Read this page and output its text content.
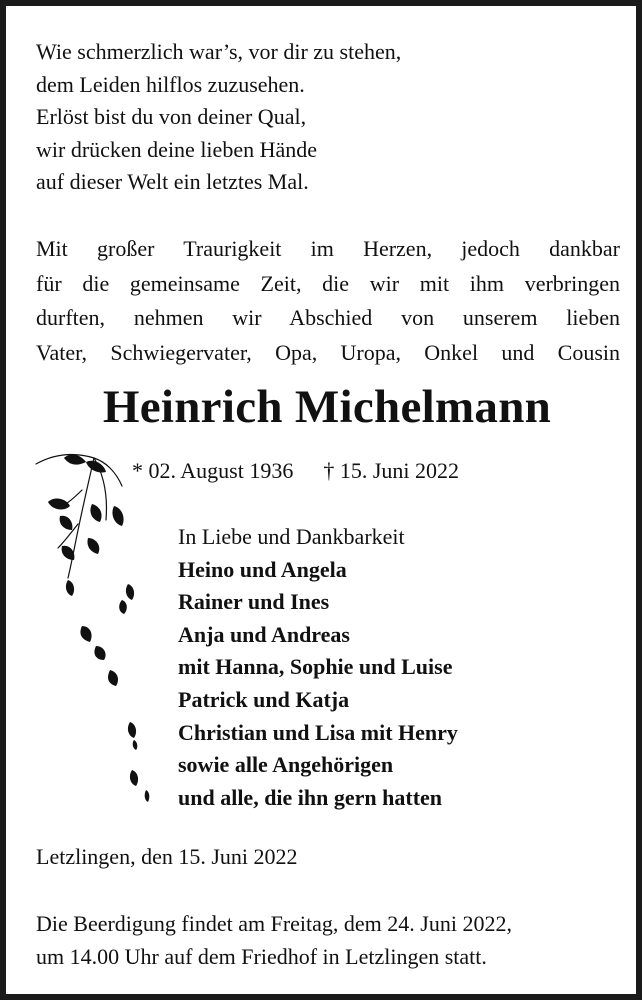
Wie schmerzlich war’s, vor dir zu stehen,
dem Leiden hilflos zuzusehen.
Erlöst bist du von deiner Qual,
wir drücken deine lieben Hände
auf dieser Welt ein letztes Mal.
Mit großer Traurigkeit im Herzen, jedoch dankbar
für die gemeinsame Zeit, die wir mit ihm verbringen
durften, nehmen wir Abschied von unserem lieben
Vater, Schwiegervater, Opa, Uropa, Onkel und Cousin
Heinrich Michelmann
* 02. August 1936 † 15. Juni 2022
In Liebe und Dankbarkeit
Heino und Angela
Rainer und Ines
Anja und Andreas
mit Hanna, Sophie und Luise
Patrick und Katja
Christian und Lisa mit Henry
sowie alle Angehörigen
und alle, die ihn gern hatten
Letzlingen, den 15. Juni 2022
Die Beerdigung findet am Freitag, dem 24. Juni 2022,
um 14.00 Uhr auf dem Friedhof in Letzlingen statt.
